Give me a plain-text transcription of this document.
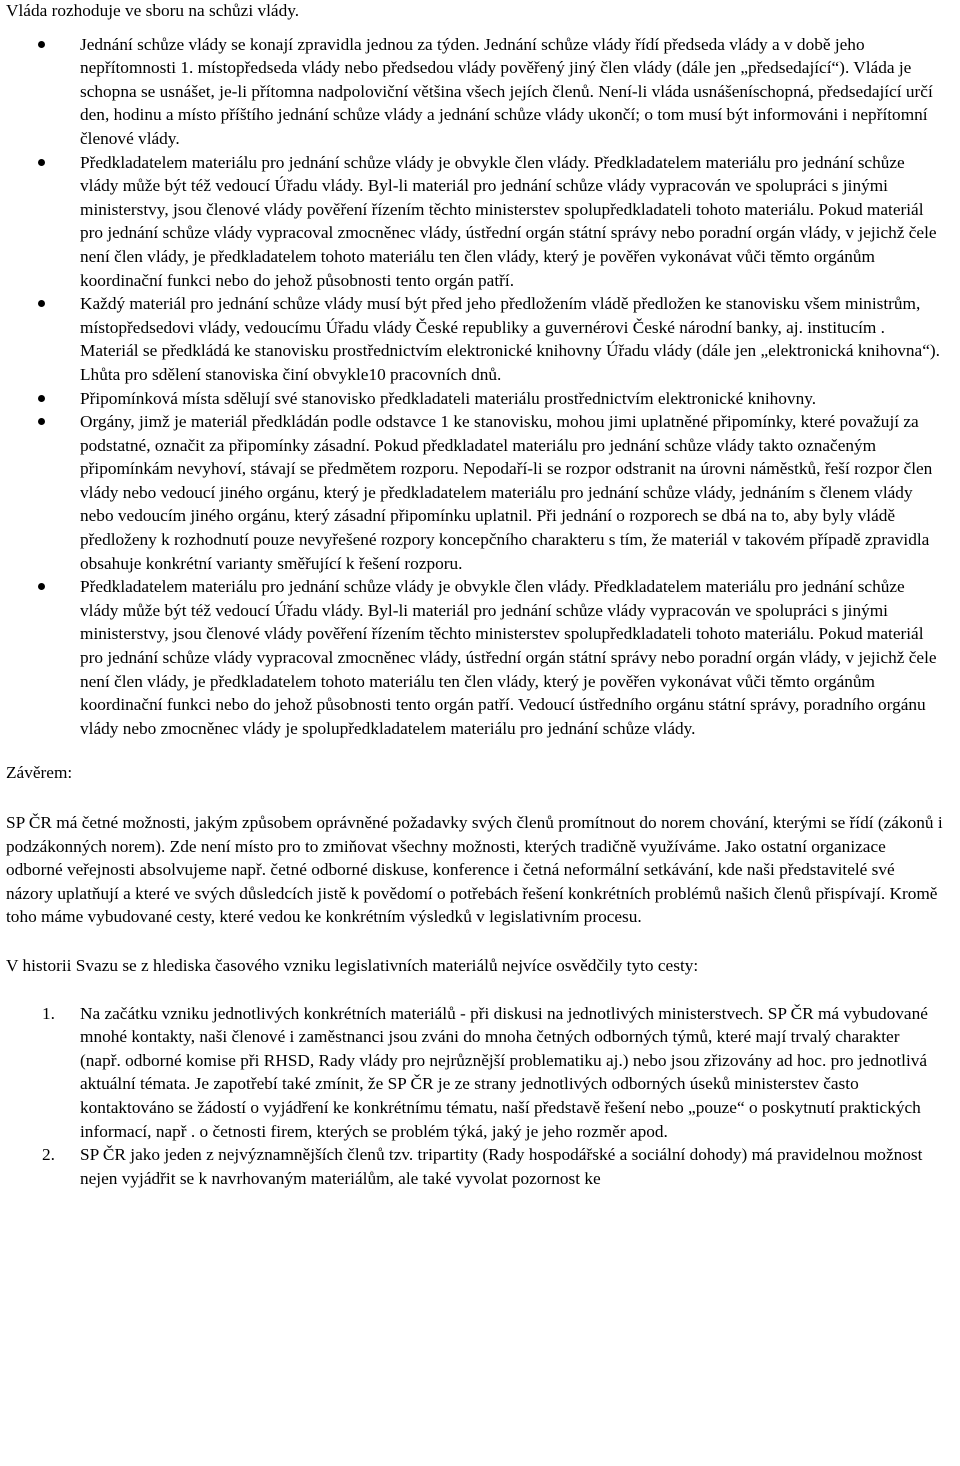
Vláda rozhoduje ve sboru na schůzi vlády.

Jednání schůze vlády se konají zpravidla jednou za týden. Jednání schůze vlády řídí předseda vlády a v době jeho nepřítomnosti 1. místopředseda vlády nebo předsedou vlády pověřený jiný člen vlády (dále jen „předsedající“). Vláda je schopna se usnášet, je-li přítomna nadpoloviční většina všech jejích členů. Není-li vláda usnášeníschopná, předsedající určí den, hodinu a místo příštího jednání schůze vlády a jednání schůze vlády ukončí; o tom musí být informováni i nepřítomní členové vlády.
Předkladatelem materiálu pro jednání schůze vlády je obvykle člen vlády. Předkladatelem materiálu pro jednání schůze vlády může být též vedoucí Úřadu vlády. Byl-li materiál pro jednání schůze vlády vypracován ve spolupráci s jinými ministerstvy, jsou členové vlády pověření řízením těchto ministerstev spolupředkladateli tohoto materiálu. Pokud materiál pro jednání schůze vlády vypracoval zmocněnec vlády, ústřední orgán státní správy nebo poradní orgán vlády, v jejichž čele není člen vlády, je předkladatelem tohoto materiálu ten člen vlády, který je pověřen vykonávat vůči těmto orgánům koordinační funkci nebo do jehož působnosti tento orgán patří.
Každý materiál pro jednání schůze vlády musí být před jeho předložením vládě předložen ke stanovisku všem ministrům, místopředsedovi vlády, vedoucímu Úřadu vlády České republiky a guvernérovi České národní banky, aj. institucím . Materiál se předkládá ke stanovisku prostřednictvím elektronické knihovny Úřadu vlády (dále jen „elektronická knihovna“). Lhůta pro sdělení stanoviska činí obvykle10 pracovních dnů.
Připomínková místa sdělují své stanovisko předkladateli materiálu prostřednictvím elektronické knihovny.
Orgány, jimž je materiál předkládán podle odstavce 1 ke stanovisku, mohou jimi uplatněné připomínky, které považují za podstatné, označit za připomínky zásadní. Pokud předkladatel materiálu pro jednání schůze vlády takto označeným připomínkám nevyhoví, stávají se předmětem rozporu. Nepodaří-li se rozpor odstranit na úrovni náměstků, řeší rozpor člen vlády nebo vedoucí jiného orgánu, který je předkladatelem materiálu pro jednání schůze vlády, jednáním s členem vlády nebo vedoucím jiného orgánu, který zásadní připomínku uplatnil. Při jednání o rozporech se dbá na to, aby byly vládě předloženy k rozhodnutí pouze nevyřešené rozpory koncepčního charakteru s tím, že materiál v takovém případě zpravidla obsahuje konkrétní varianty směřující k řešení rozporu.
Předkladatelem materiálu pro jednání schůze vlády je obvykle člen vlády. Předkladatelem materiálu pro jednání schůze vlády může být též vedoucí Úřadu vlády. Byl-li materiál pro jednání schůze vlády vypracován ve spolupráci s jinými ministerstvy, jsou členové vlády pověření řízením těchto ministerstev spolupředkladateli tohoto materiálu. Pokud materiál pro jednání schůze vlády vypracoval zmocněnec vlády, ústřední orgán státní správy nebo poradní orgán vlády, v jejichž čele není člen vlády, je předkladatelem tohoto materiálu ten člen vlády, který je pověřen vykonávat vůči těmto orgánům koordinační funkci nebo do jehož působnosti tento orgán patří. Vedoucí ústředního orgánu státní správy, poradního orgánu vlády nebo zmocněnec vlády je spolupředkladatelem materiálu pro jednání schůze vlády.

Závěrem:

SP ČR má četné možnosti, jakým způsobem oprávněné požadavky svých členů promítnout do norem chování, kterými se řídí (zákonů i podzákonných norem). Zde není místo pro to zmiňovat všechny možnosti, kterých tradičně využíváme. Jako ostatní organizace odborné veřejnosti absolvujeme např. četné odborné diskuse, konference i četná neformální setkávání, kde naši představitelé své názory uplatňují a které ve svých důsledcích jistě k povědomí o potřebách řešení konkrétních problémů našich členů přispívají. Kromě toho máme vybudované cesty, které vedou ke konkrétním výsledků v legislativním procesu.

V historii Svazu se z hlediska časového vzniku legislativních materiálů nejvíce osvědčily tyto cesty:

1. Na začátku vzniku jednotlivých konkrétních materiálů - při diskusi na jednotlivých ministerstvech. SP ČR má vybudované mnohé kontakty, naši členové i zaměstnanci jsou zváni do mnoha četných odborných týmů, které mají trvalý charakter (např. odborné komise při RHSD, Rady vlády pro nejrůznější problematiku aj.) nebo jsou zřizovány ad hoc. pro jednotlivá aktuální témata. Je zapotřebí také zmínit, že SP ČR je ze strany jednotlivých odborných úseků ministerstev často kontaktováno se žádostí o vyjádření ke konkrétnímu tématu, naší představě řešení nebo „pouze“ o poskytnutí praktických informací, např . o četnosti firem, kterých se problém týká, jaký je jeho rozměr apod.
2. SP ČR jako jeden z nejvýznamnějších členů tzv. tripartity (Rady hospodářské a sociální dohody) má pravidelnou možnost nejen vyjádřit se k navrhovaným materiálům, ale také vyvolat pozornost ke
